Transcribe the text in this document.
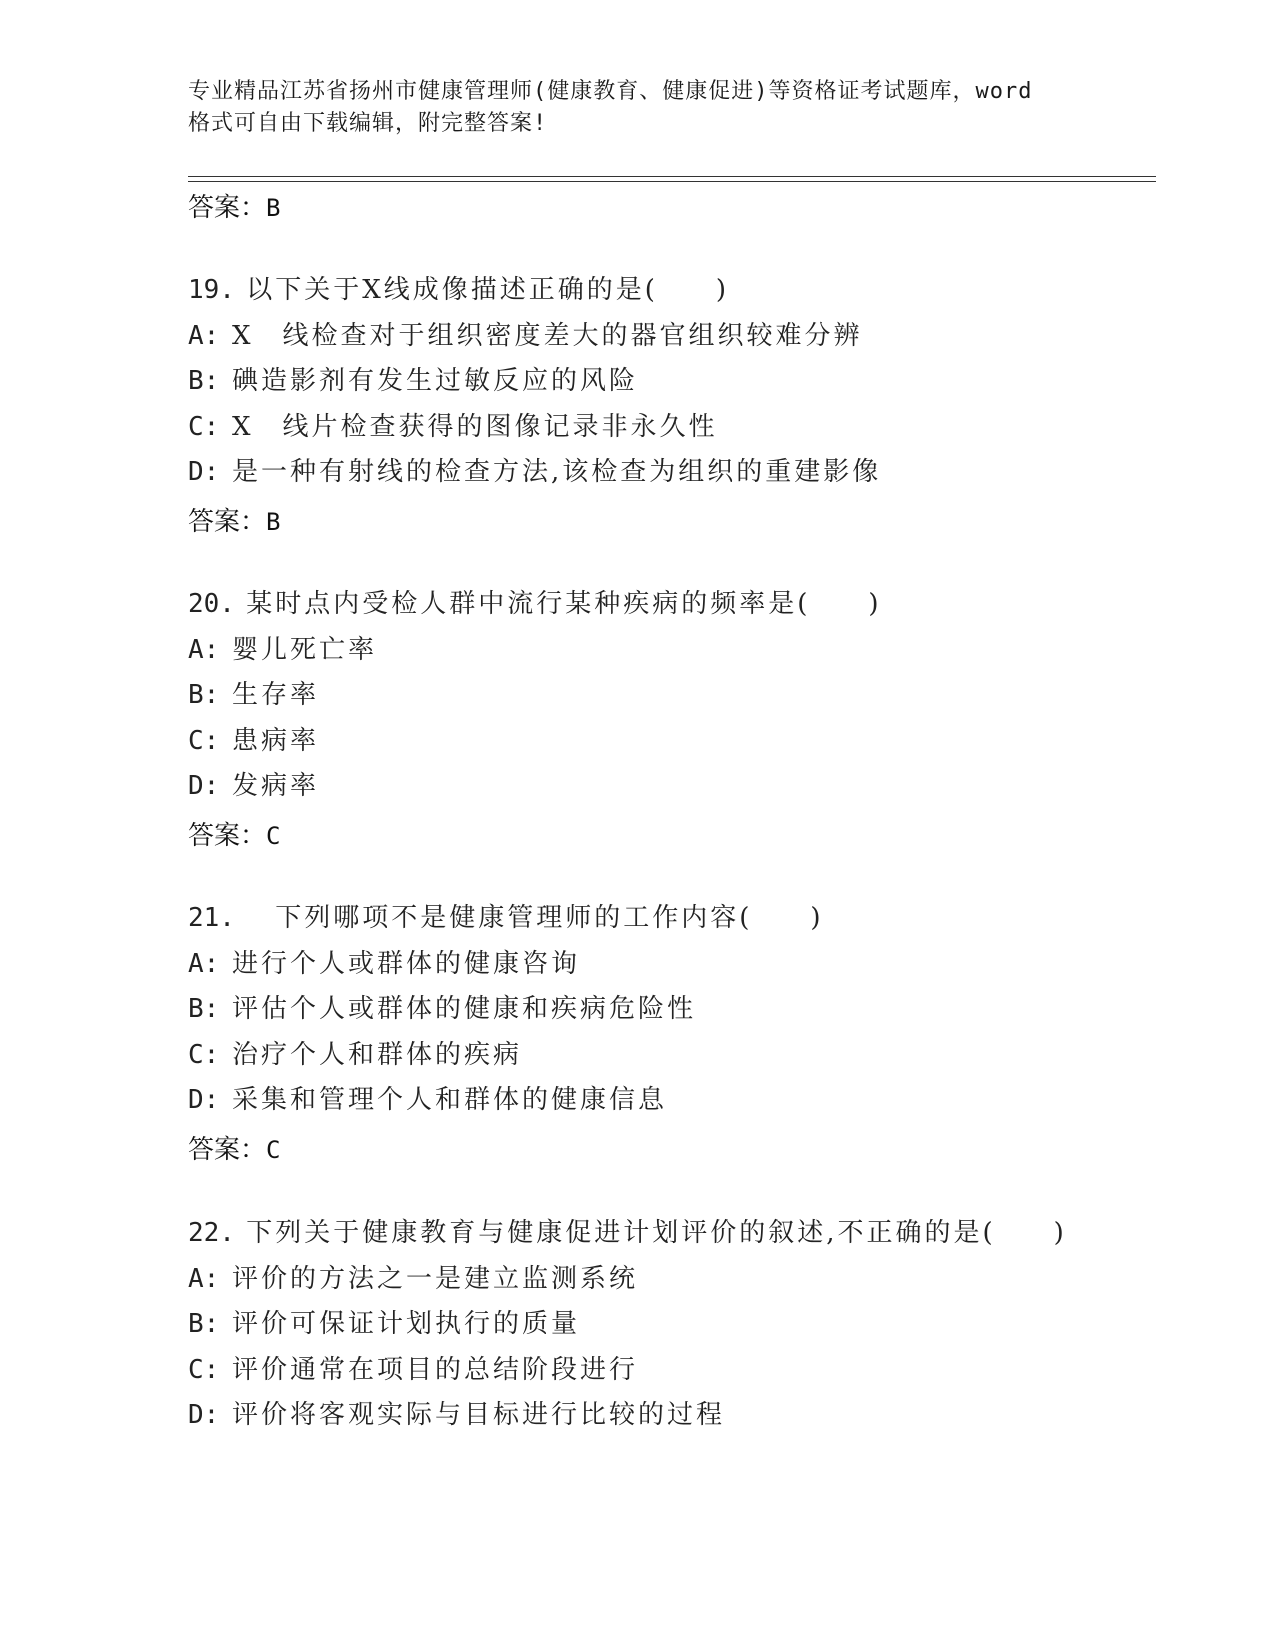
专业精品江苏省扬州市健康管理师(健康教育、健康促进)等资格证考试题库，word
格式可自由下载编辑，附完整答案!
答案：B
19. 以下关于Х线成像描述正确的是(　　)
A: X　线检查对于组织密度差大的器官组织较难分辨
B: 碘造影剂有发生过敏反应的风险
C: X　线片检查获得的图像记录非永久性
D: 是一种有射线的检查方法,该检查为组织的重建影像
答案：B
20. 某时点内受检人群中流行某种疾病的频率是(　　)
A: 婴儿死亡率
B: 生存率
C: 患病率
D: 发病率
答案：C
21. 　下列哪项不是健康管理师的工作内容(　　)
A: 进行个人或群体的健康咨询
B: 评估个人或群体的健康和疾病危险性
C: 治疗个人和群体的疾病
D: 采集和管理个人和群体的健康信息
答案：C
22. 下列关于健康教育与健康促进计划评价的叙述,不正确的是(　　)
A: 评价的方法之一是建立监测系统
B: 评价可保证计划执行的质量
C: 评价通常在项目的总结阶段进行
D: 评价将客观实际与目标进行比较的过程
